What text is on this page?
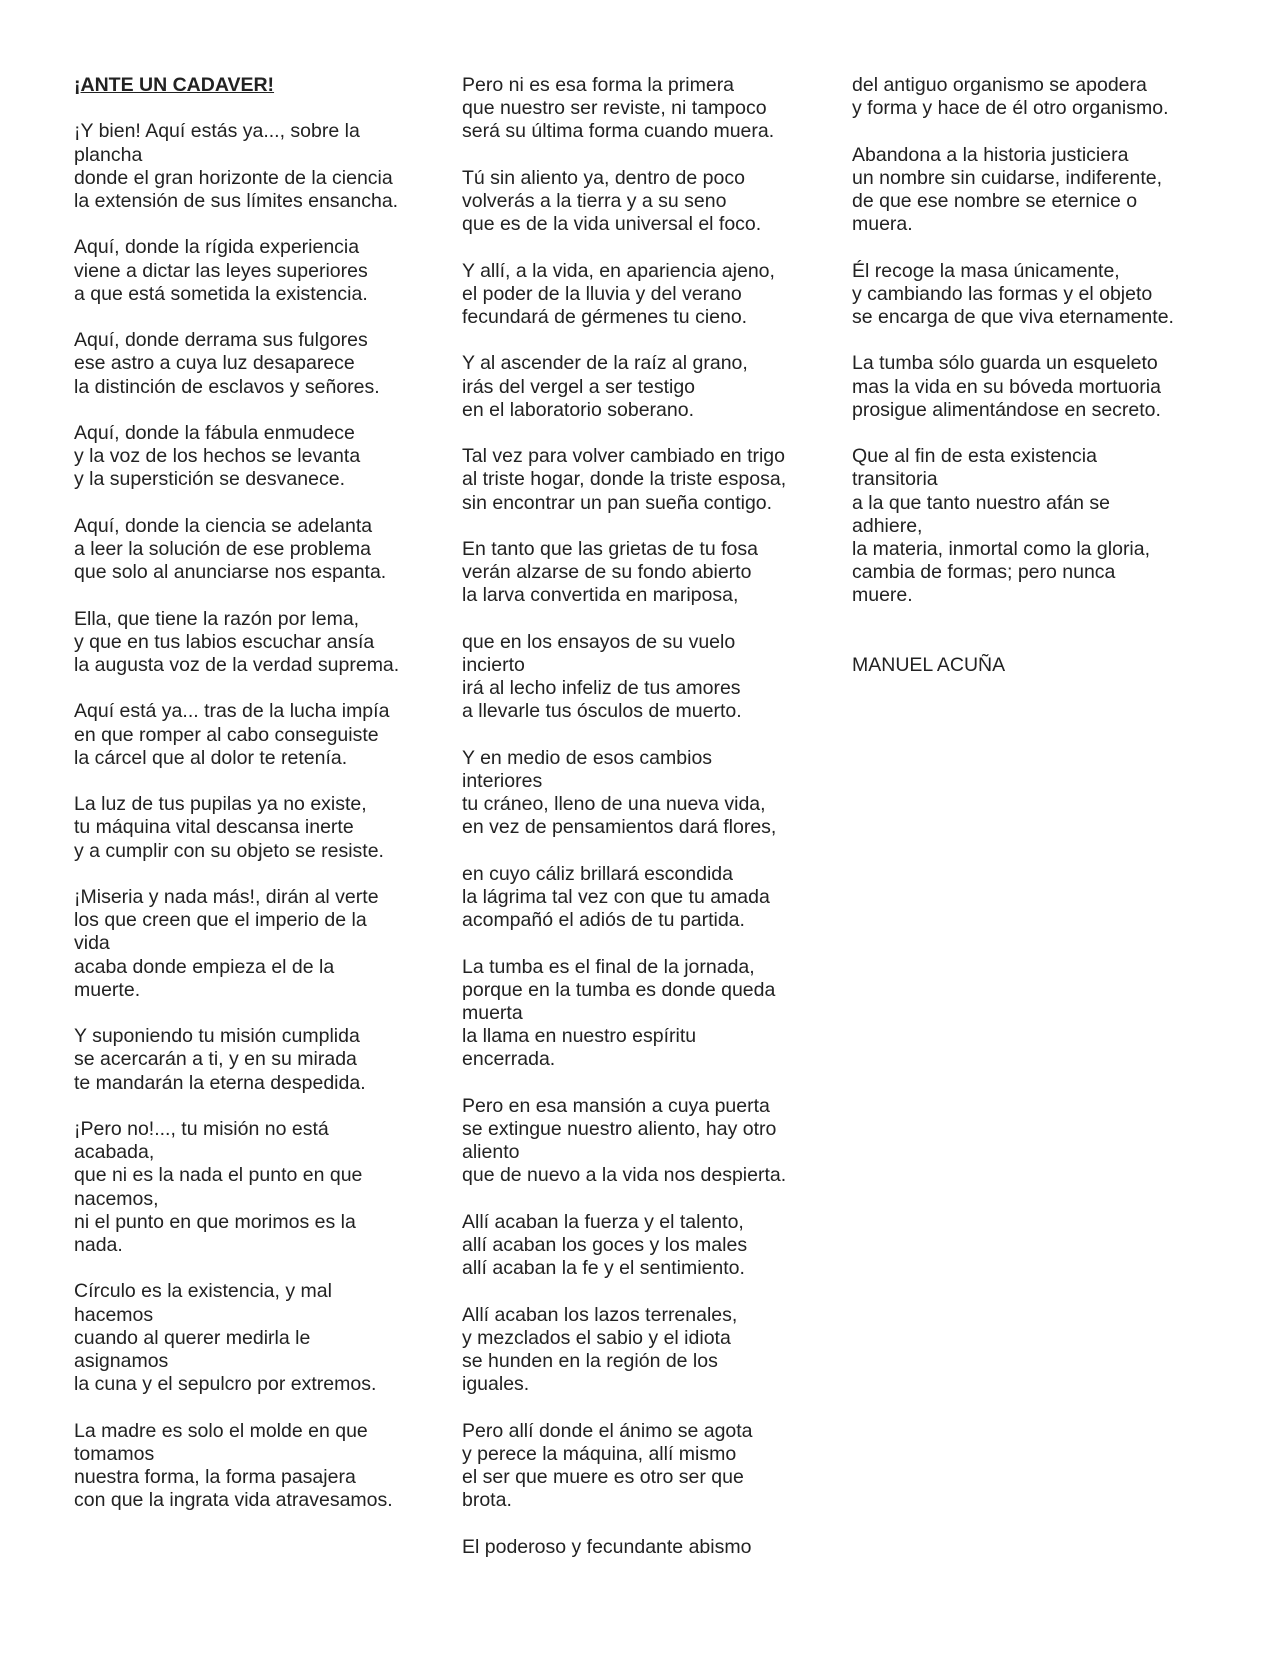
¡ANTE UN CADAVER!
¡Y bien! Aquí estás ya..., sobre la
plancha
donde el gran horizonte de la ciencia
la extensión de sus límites ensancha.
Aquí, donde la rígida experiencia
viene a dictar las leyes superiores
a que está sometida la existencia.
Aquí, donde derrama sus fulgores
ese astro a cuya luz desaparece
la distinción de esclavos y señores.
Aquí, donde la fábula enmudece
y la voz de los hechos se levanta
y la superstición se desvanece.
Aquí, donde la ciencia se adelanta
a leer la solución de ese problema
que solo al anunciarse nos espanta.
Ella, que tiene la razón por lema,
y que en tus labios escuchar ansía
la augusta voz de la verdad suprema.
Aquí está ya... tras de la lucha impía
en que romper al cabo conseguiste
la cárcel que al dolor te retenía.
La luz de tus pupilas ya no existe,
tu máquina vital descansa inerte
y a cumplir con su objeto se resiste.
¡Miseria y nada más!, dirán al verte
los que creen que el imperio de la
vida
acaba donde empieza el de la
muerte.
Y suponiendo tu misión cumplida
se acercarán a ti, y en su mirada
te mandarán la eterna despedida.
¡Pero no!..., tu misión no está
acabada,
que ni es la nada el punto en que
nacemos,
ni el punto en que morimos es la
nada.
Círculo es la existencia, y mal
hacemos
cuando al querer medirla le
asignamos
la cuna y el sepulcro por extremos.
La madre es solo el molde en que
tomamos
nuestra forma, la forma pasajera
con que la ingrata vida atravesamos.
Pero ni es esa forma la primera
que nuestro ser reviste, ni tampoco
será su última forma cuando muera.
Tú sin aliento ya, dentro de poco
volverás a la tierra y a su seno
que es de la vida universal el foco.
Y allí, a la vida, en apariencia ajeno,
el poder de la lluvia y del verano
fecundará de gérmenes tu cieno.
Y al ascender de la raíz al grano,
irás del vergel a ser testigo
en el laboratorio soberano.
Tal vez para volver cambiado en trigo
al triste hogar, donde la triste esposa,
sin encontrar un pan sueña contigo.
En tanto que las grietas de tu fosa
verán alzarse de su fondo abierto
la larva convertida en mariposa,
que en los ensayos de su vuelo
incierto
irá al lecho infeliz de tus amores
a llevarle tus ósculos de muerto.
Y en medio de esos cambios
interiores
tu cráneo, lleno de una nueva vida,
en vez de pensamientos dará flores,
en cuyo cáliz brillará escondida
la lágrima tal vez con que tu amada
acompañó el adiós de tu partida.
La tumba es el final de la jornada,
porque en la tumba es donde queda
muerta
la llama en nuestro espíritu
encerrada.
Pero en esa mansión a cuya puerta
se extingue nuestro aliento, hay otro
aliento
que de nuevo a la vida nos despierta.
Allí acaban la fuerza y el talento,
allí acaban los goces y los males
allí acaban la fe y el sentimiento.
Allí acaban los lazos terrenales,
y mezclados el sabio y el idiota
se hunden en la región de los
iguales.
Pero allí donde el ánimo se agota
y perece la máquina, allí mismo
el ser que muere es otro ser que
brota.
El poderoso y fecundante abismo
del antiguo organismo se apodera
y forma y hace de él otro organismo.
Abandona a la historia justiciera
un nombre sin cuidarse, indiferente,
de que ese nombre se eternice o
muera.
Él recoge la masa únicamente,
y cambiando las formas y el objeto
se encarga de que viva eternamente.
La tumba sólo guarda un esqueleto
mas la vida en su bóveda mortuoria
prosigue alimentándose en secreto.
Que al fin de esta existencia
transitoria
a la que tanto nuestro afán se
adhiere,
la materia, inmortal como la gloria,
cambia de formas; pero nunca
muere.
MANUEL ACUÑA
